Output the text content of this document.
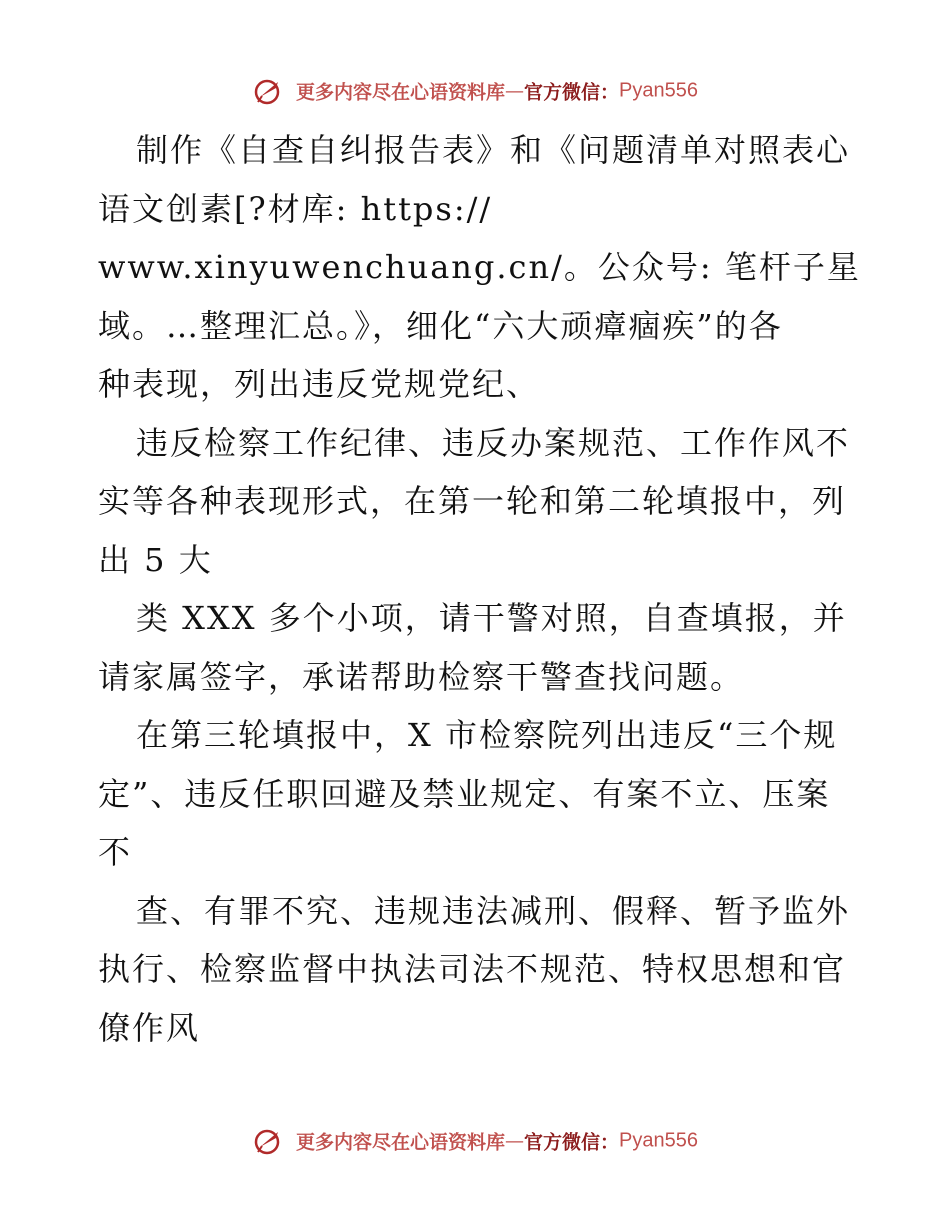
更多内容尽在心语资料库—官方微信：Pyan556
制作《自查自纠报告表》和《问题清单对照表心
语文创素[?材库: https://
www.xinyuwenchuang.cn/。公众号: 笔杆子星
域。…整理汇总。》，细化“六大顽瘴痼疾”的各
种表现，列出违反党规党纪、
违反检察工作纪律、违反办案规范、工作作风不
实等各种表现形式，在第一轮和第二轮填报中，列
出 5 大
类 XXX 多个小项，请干警对照，自查填报，并
请家属签字，承诺帮助检察干警查找问题。
在第三轮填报中，X 市检察院列出违反“三个规
定”、违反任职回避及禁业规定、有案不立、压案
不
查、有罪不究、违规违法减刑、假释、暂予监外
执行、检察监督中执法司法不规范、特权思想和官
僚作风
更多内容尽在心语资料库—官方微信：Pyan556
